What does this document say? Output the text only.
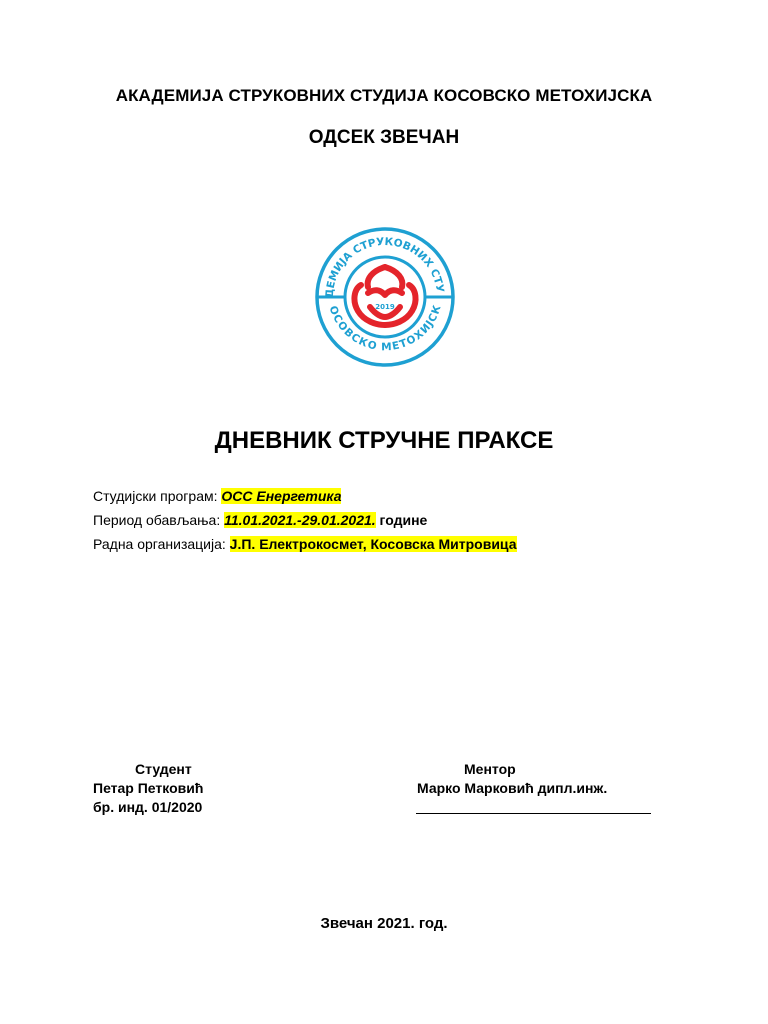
АКАДЕМИЈА СТРУКОВНИХ СТУДИЈА КОСОВСКО МЕТОХИЈСКА
ОДСЕК ЗВЕЧАН
ДЕМИЈА СТРУКОВНИХ СТУ
ОСОВСКО МЕТОХИЈСК
2019
ДНЕВНИК СТРУЧНЕ ПРАКСЕ
Студијски програм: ОСС Енергетика
Период обављања: 11.01.2021.-29.01.2021. године
Радна организација: Ј.П. Електрокосмет, Косовска Митровица
Студент
Петар Петковић
бр. инд. 01/2020
Ментор
Марко Марковић дипл.инж.
Звечан 2021. год.
